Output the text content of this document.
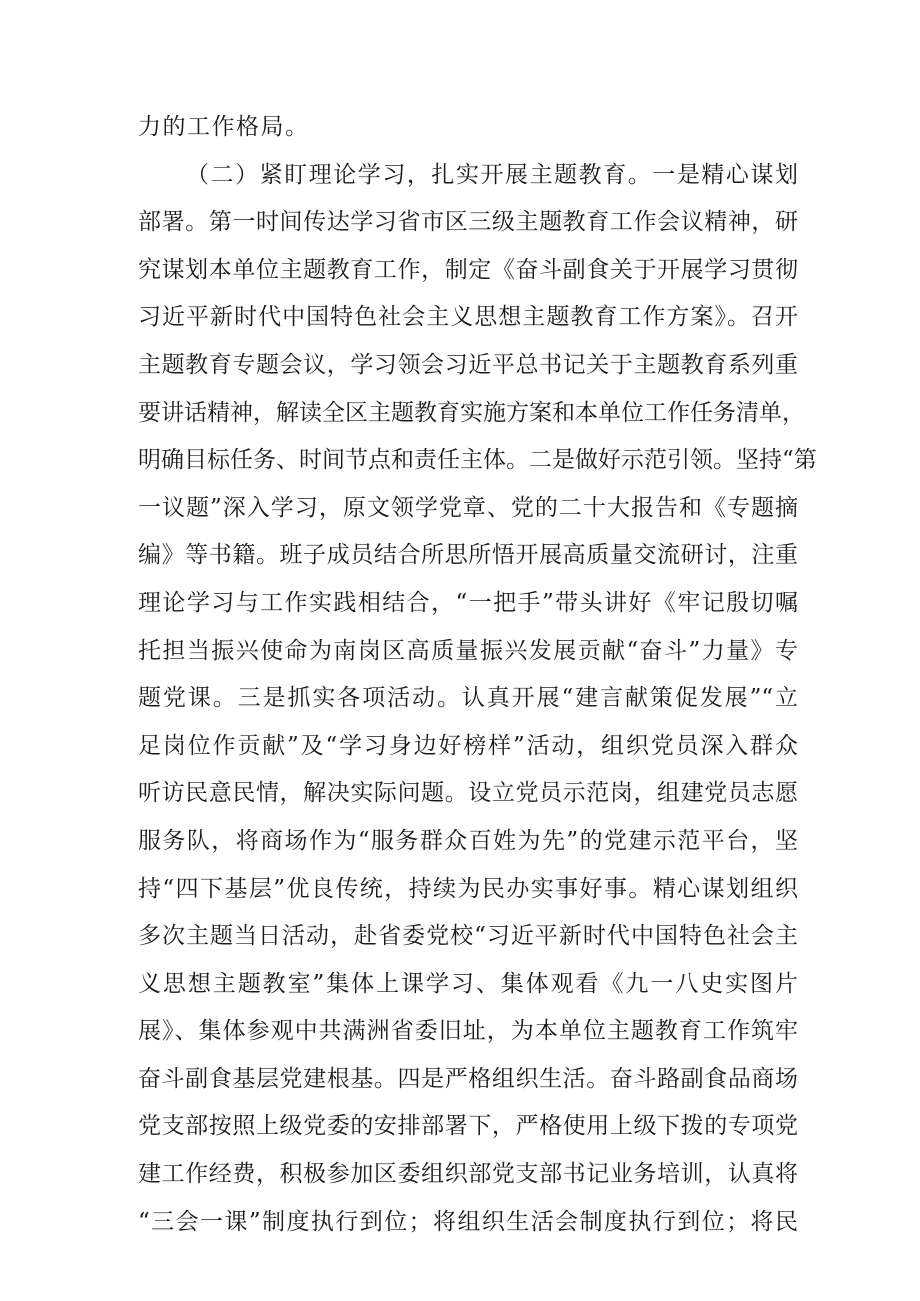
力的工作格局。
（二）紧盯理论学习，扎实开展主题教育。一是精心谋划
部署。第一时间传达学习省市区三级主题教育工作会议精神，研
究谋划本单位主题教育工作，制定《奋斗副食关于开展学习贯彻
习近平新时代中国特色社会主义思想主题教育工作方案》。召开
主题教育专题会议，学习领会习近平总书记关于主题教育系列重
要讲话精神，解读全区主题教育实施方案和本单位工作任务清单，
明确目标任务、时间节点和责任主体。二是做好示范引领。坚持“第
一议题”深入学习，原文领学党章、党的二十大报告和《专题摘
编》等书籍。班子成员结合所思所悟开展高质量交流研讨，注重
理论学习与工作实践相结合，“一把手”带头讲好《牢记殷切嘱
托担当振兴使命为南岗区高质量振兴发展贡献“奋斗”力量》专
题党课。三是抓实各项活动。认真开展“建言献策促发展”“立
足岗位作贡献”及“学习身边好榜样”活动，组织党员深入群众
听访民意民情，解决实际问题。设立党员示范岗，组建党员志愿
服务队，将商场作为“服务群众百姓为先”的党建示范平台，坚
持“四下基层”优良传统，持续为民办实事好事。精心谋划组织
多次主题当日活动，赴省委党校“习近平新时代中国特色社会主
义思想主题教室”集体上课学习、集体观看《九一八史实图片
展》、集体参观中共满洲省委旧址，为本单位主题教育工作筑牢
奋斗副食基层党建根基。四是严格组织生活。奋斗路副食品商场
党支部按照上级党委的安排部署下，严格使用上级下拨的专项党
建工作经费，积极参加区委组织部党支部书记业务培训，认真将
“三会一课”制度执行到位；将组织生活会制度执行到位；将民
